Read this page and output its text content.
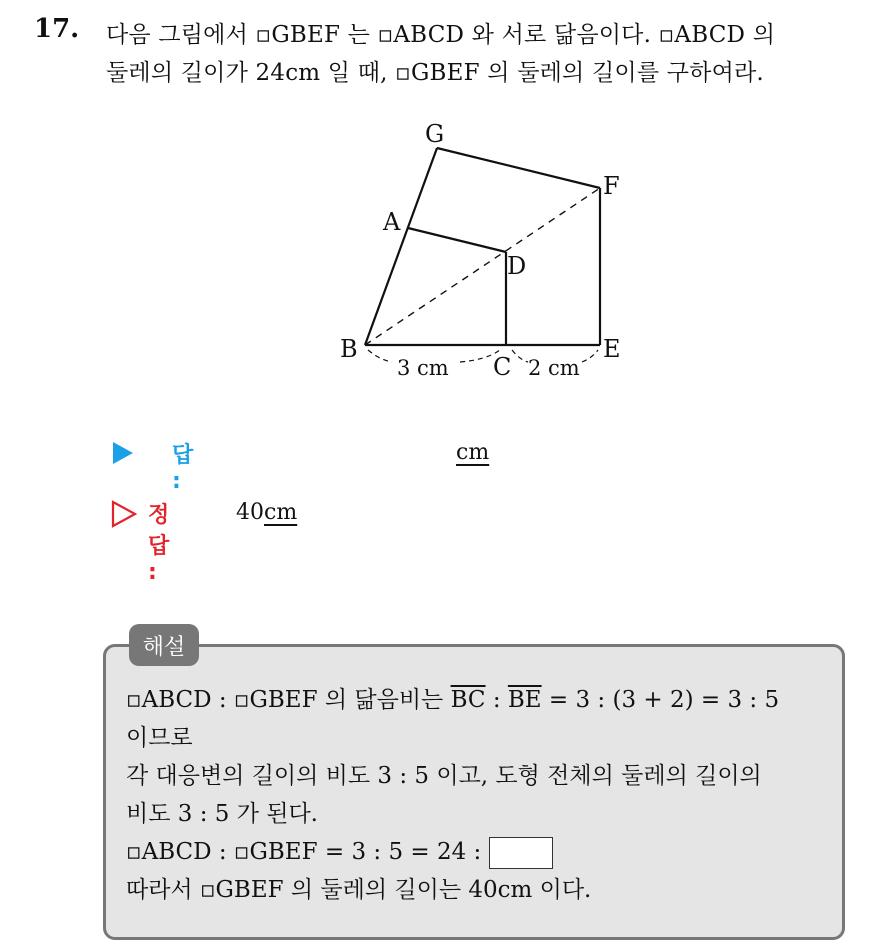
17. 다음 그림에서 ▫GBEF 는 ▫ABCD 와 서로 닮음이다. ▫ABCD 의
둘레의 길이가 24cm 일 때, ▫GBEF 의 둘레의 길이를 구하여라.
G
F
A
D
B
C
E
3 cm	2 cm
답 :
cm
정답 :
40cm
해설
▫ABCD : ▫GBEF 의 닮음비는 $\overline{BC}$ : $\overline{BE} = 3$ : (3 + 2) = 3 : 5
이므로
각 대응변의 길이의 비도 3 : 5 이고, 도형 전체의 둘레의 길이의
비도 3 : 5 가 된다.
▫ABCD : ▫GBEF = 3 : 5 = 24 :
따라서 ▫GBEF 의 둘레의 길이는 40cm 이다.
